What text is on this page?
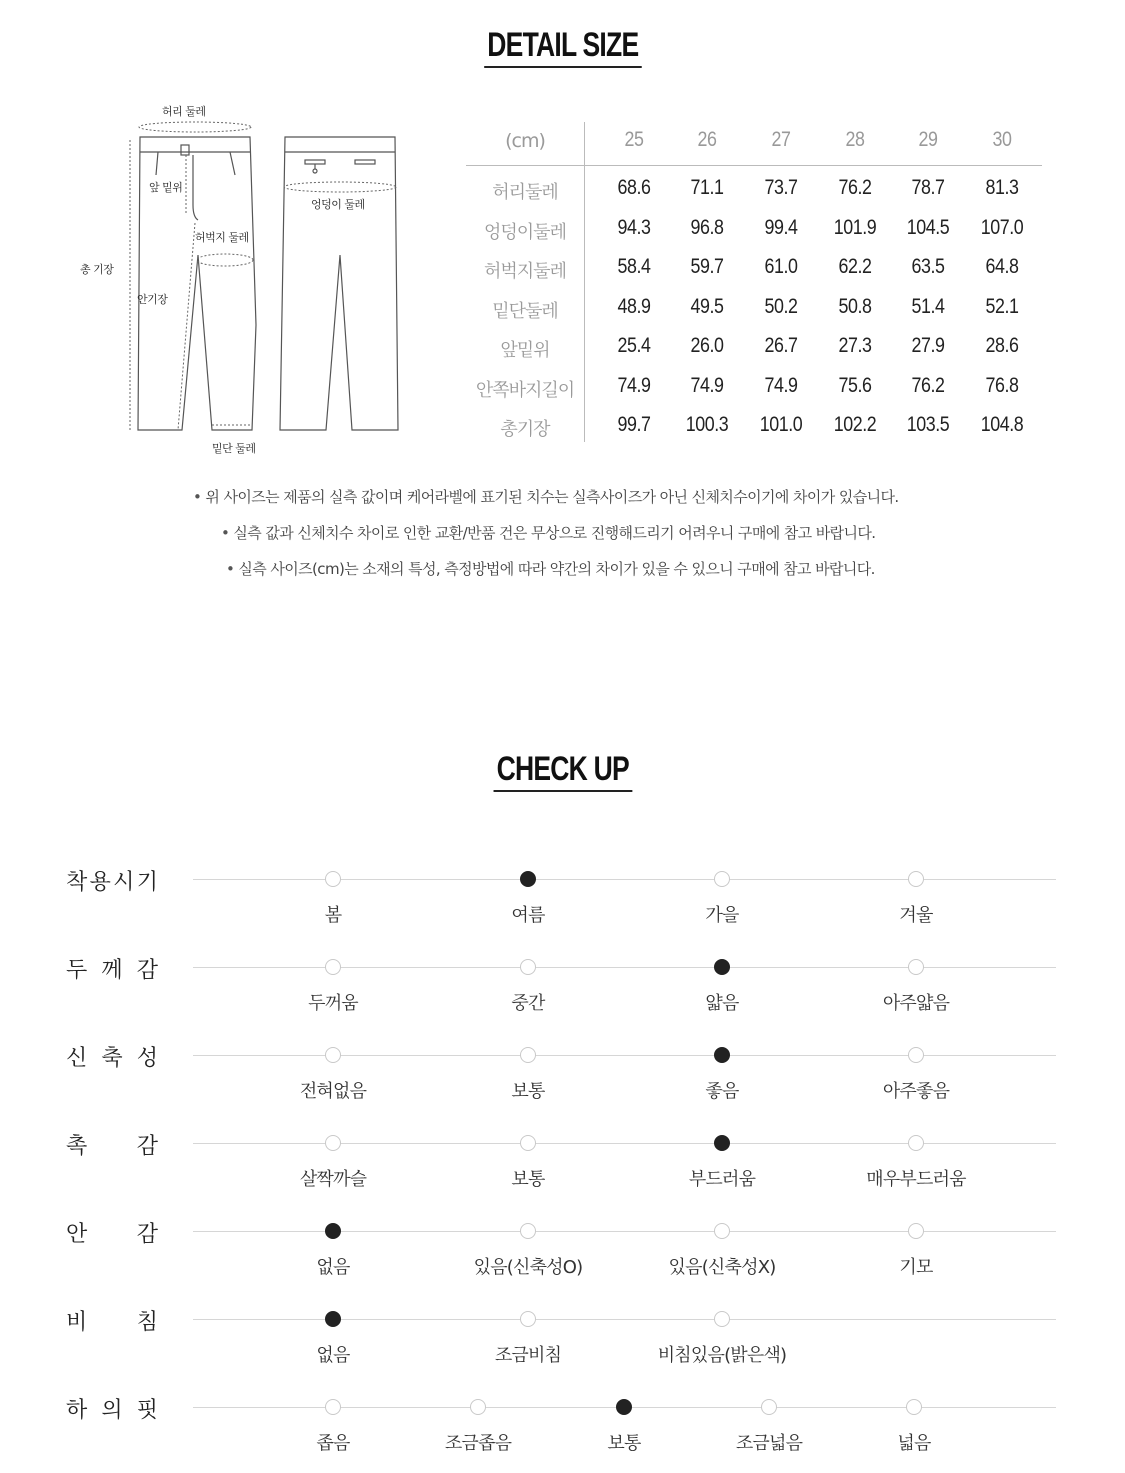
DETAIL SIZE
허리 둘레
앞 밑위
허벅지 둘레
총 기장
안기장
엉덩이 둘레
밑단 둘레
(cm)	25	26	27	28	29	30
허리둘레	68.6	71.1	73.7	76.2	78.7	81.3
엉덩이둘레	94.3	96.8	99.4	101.9 104.5 107.0
허벅지둘레	58.4	59.7	61.0	62.2	63.5	64.8
밑단둘레	48.9	49.5	50.2	50.8	51.4	52.1
앞밑위	25.4	26.0	26.7	27.3	27.9	28.6
안쪽바지길이	74.9	74.9	74.9	75.6	76.2	76.8
총기장	99.7	100.3 101.0 102.2 103.5 104.8
• 위 사이즈는 제품의 실측 값이며 케어라벨에 표기된 치수는 실측사이즈가 아닌 신체치수이기에 차이가 있습니다.
• 실측 값과 신체치수 차이로 인한 교환/반품 건은 무상으로 진행해드리기 어려우니 구매에 참고 바랍니다.
• 실측 사이즈(cm)는 소재의 특성, 측정방법에 따라 약간의 차이가 있을 수 있으니 구매에 참고 바랍니다.
CHECK UP
착 용 시 기
봄	여름	가을	겨울
두 께 감
두꺼움	중간	얇음	아주얇음
신 축 성
전혀없음	보통	좋음	아주좋음
촉 감
살짝까슬	보통	부드러움	매우부드러움
안 감
없음	있음(신축성O)	있음(신축성X)	기모
비 침
없음	조금비침	비침있음(밝은색)
하 의 핏
좁음	조금좁음	보통	조금넓음	넓음
